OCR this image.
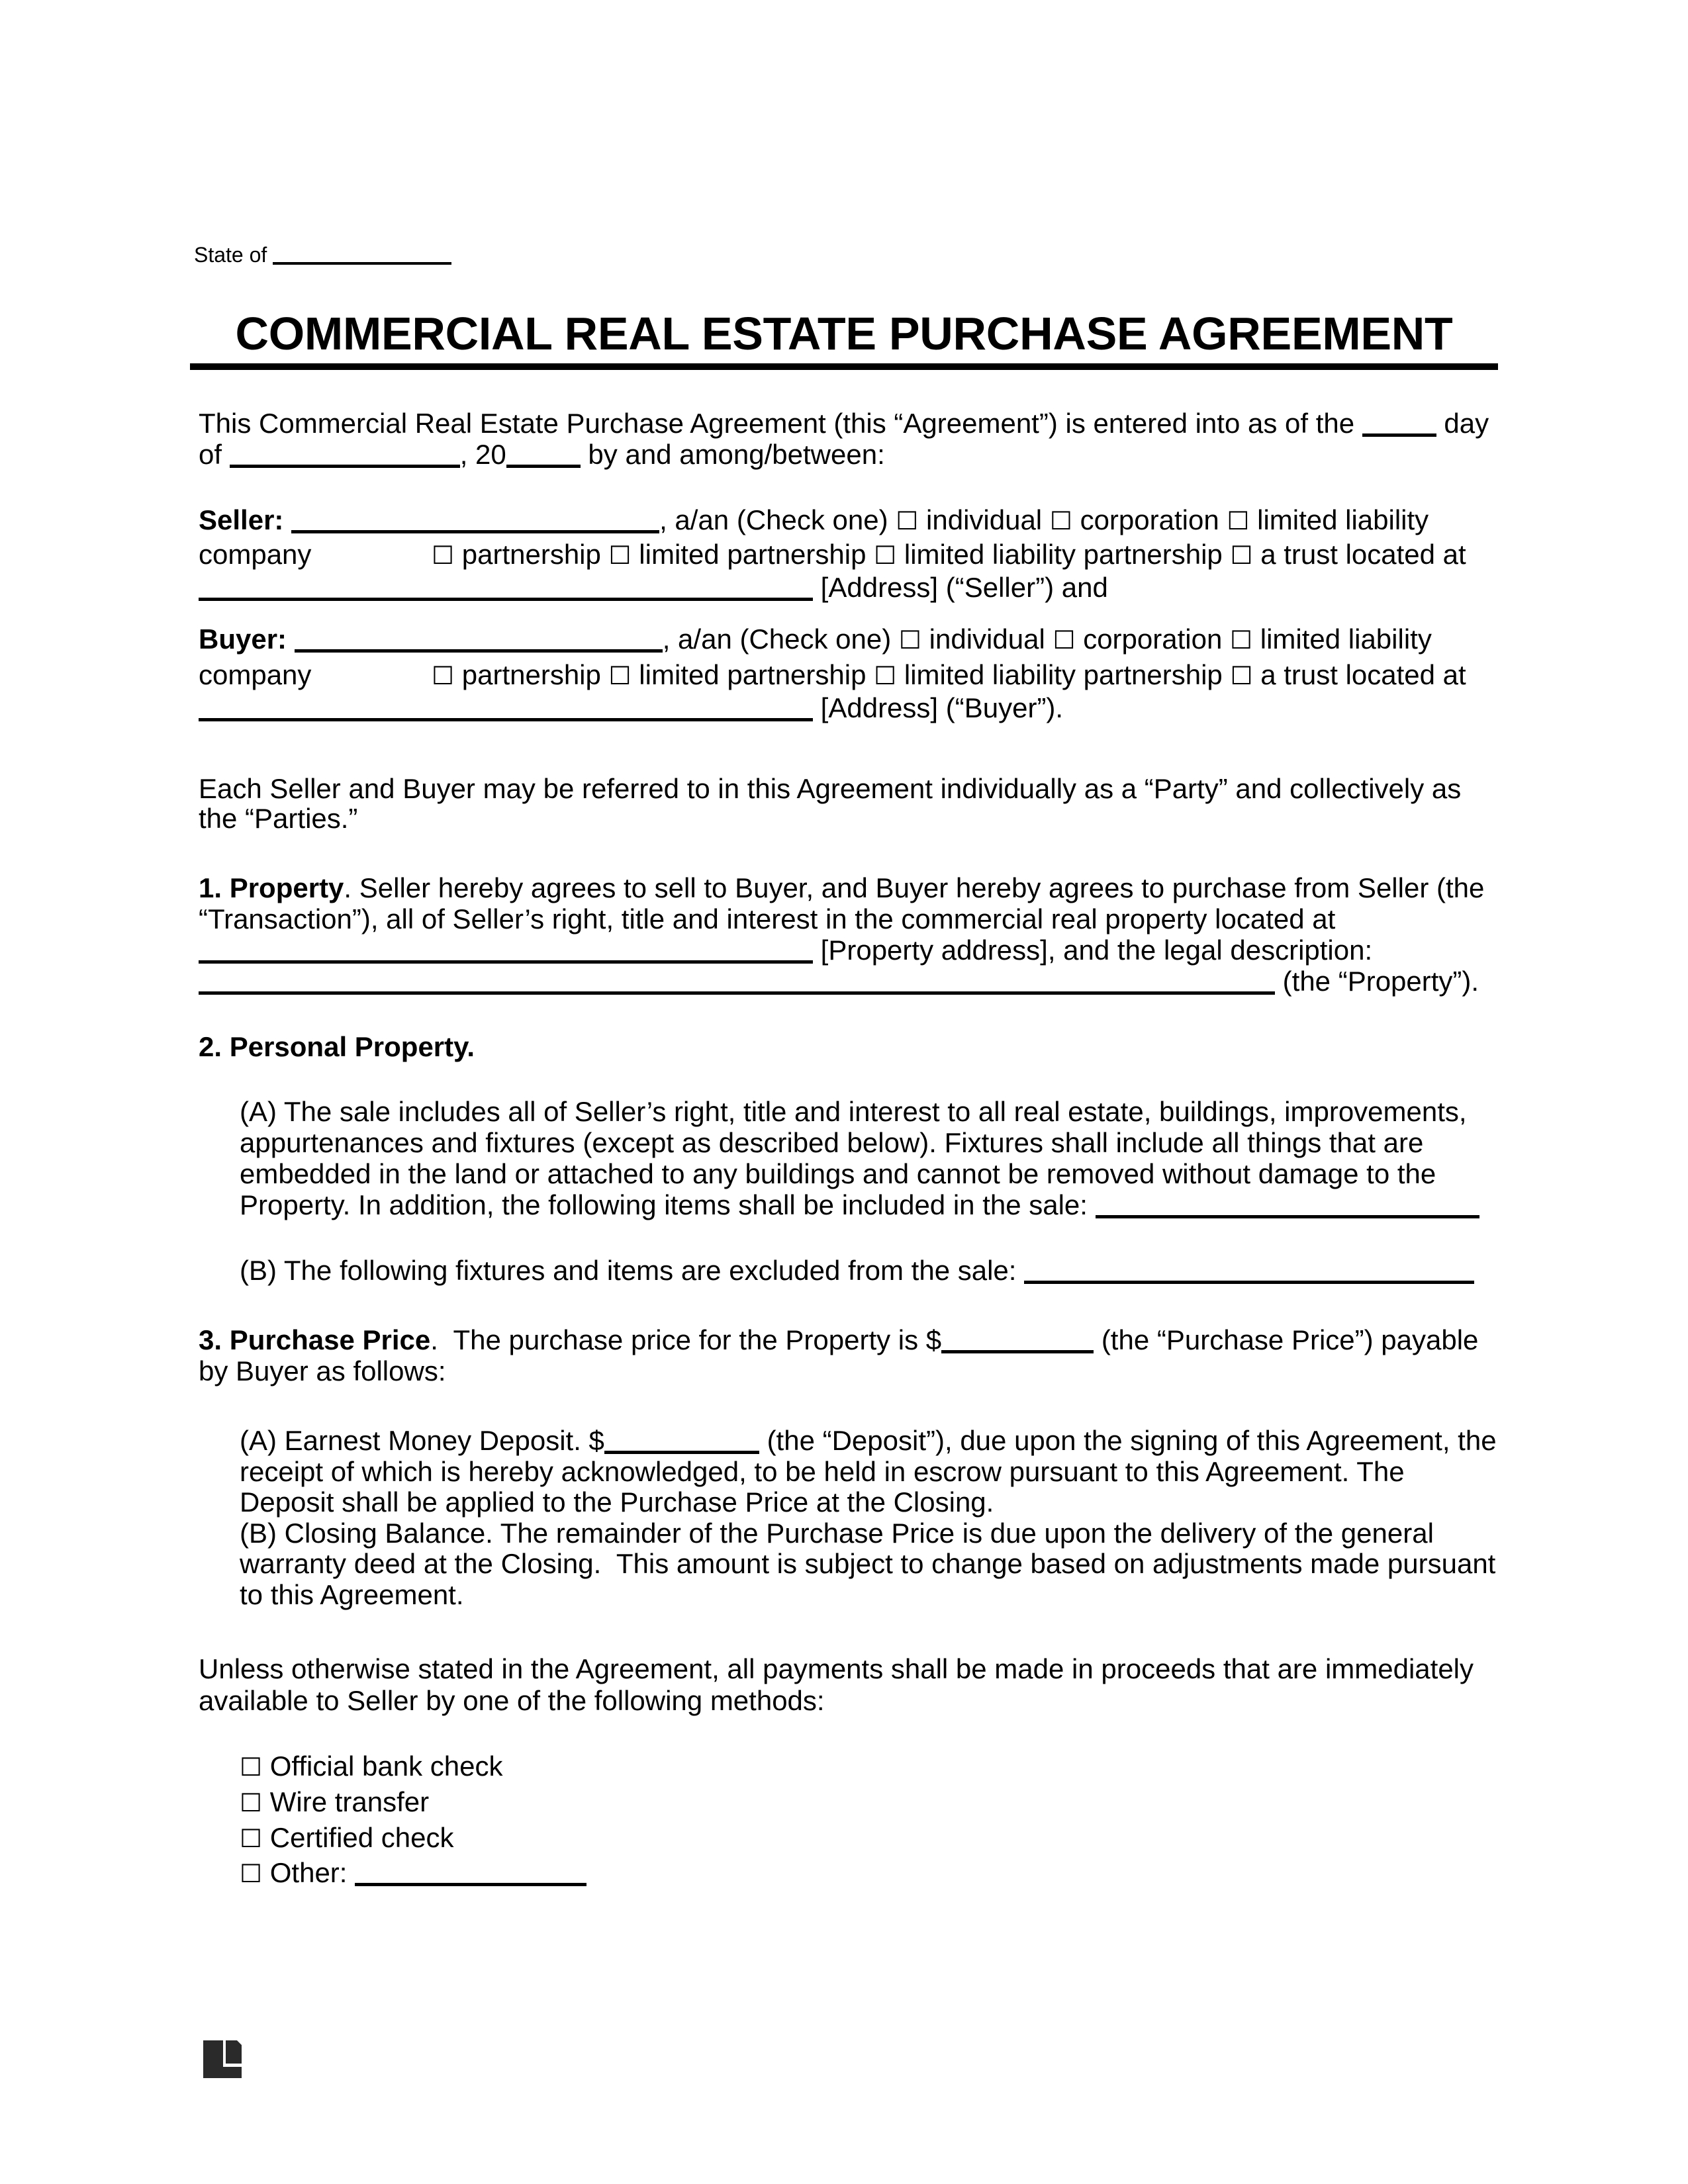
State of
COMMERCIAL REAL ESTATE PURCHASE AGREEMENT
This Commercial Real Estate Purchase Agreement (this “Agreement”) is entered into as of the	day
of	, 20	by and among/between:
Seller:	, a/an (Check one) ☐ individual ☐ corporation ☐ limited liability
company	☐ partnership ☐ limited partnership ☐ limited liability partnership ☐ a trust located at
[Address] (“Seller”) and
Buyer:	, a/an (Check one) ☐ individual ☐ corporation ☐ limited liability
company	☐ partnership ☐ limited partnership ☐ limited liability partnership ☐ a trust located at
[Address] (“Buyer”).
Each Seller and Buyer may be referred to in this Agreement individually as a “Party” and collectively as
the “Parties.”
1. Property. Seller hereby agrees to sell to Buyer, and Buyer hereby agrees to purchase from Seller (the
“Transaction”), all of Seller’s right, title and interest in the commercial real property located at
[Property address], and the legal description:
(the “Property”).
2. Personal Property.
(A) The sale includes all of Seller’s right, title and interest to all real estate, buildings, improvements,
appurtenances and fixtures (except as described below). Fixtures shall include all things that are
embedded in the land or attached to any buildings and cannot be removed without damage to the
Property. In addition, the following items shall be included in the sale:
(B) The following fixtures and items are excluded from the sale:
3. Purchase Price.  The purchase price for the Property is $	(the “Purchase Price”) payable
by Buyer as follows:
(A) Earnest Money Deposit. $	(the “Deposit”), due upon the signing of this Agreement, the
receipt of which is hereby acknowledged, to be held in escrow pursuant to this Agreement. The
Deposit shall be applied to the Purchase Price at the Closing.
(B) Closing Balance. The remainder of the Purchase Price is due upon the delivery of the general
warranty deed at the Closing.  This amount is subject to change based on adjustments made pursuant
to this Agreement.
Unless otherwise stated in the Agreement, all payments shall be made in proceeds that are immediately
available to Seller by one of the following methods:
☐ Official bank check
☐ Wire transfer
☐ Certified check
☐ Other:
